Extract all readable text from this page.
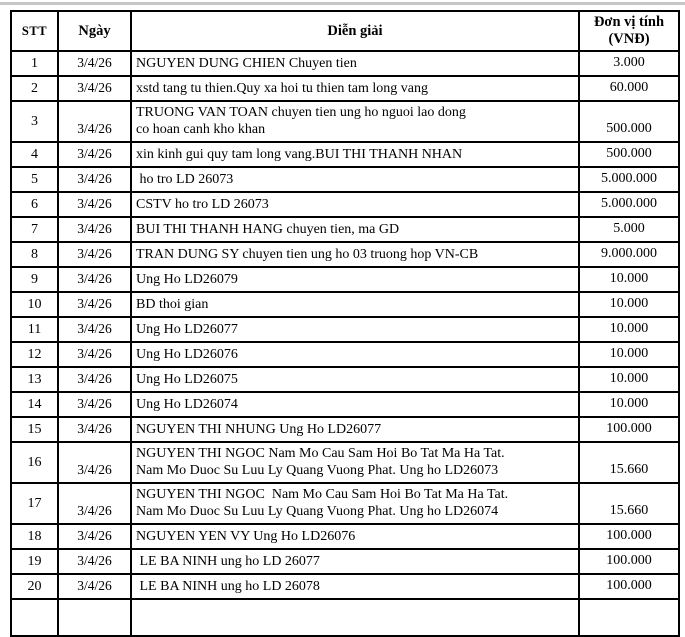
STT	Ngày	Diễn giải	Đơn vị tính
(VNĐ)

1	3/4/26	NGUYEN DUNG CHIEN Chuyen tien	3.000
2	3/4/26	xstd tang tu thien.Quy xa hoi tu thien tam long vang	60.000
3	3/4/26	TRUONG VAN TOAN chuyen tien ung ho nguoi lao dong
co hoan canh kho khan	500.000
4	3/4/26	xin kinh gui quy tam long vang.BUI THI THANH NHAN	500.000
5	3/4/26	ho tro LD 26073	5.000.000
6	3/4/26	CSTV ho tro LD 26073	5.000.000
7	3/4/26	BUI THI THANH HANG chuyen tien, ma GD	5.000
8	3/4/26	TRAN DUNG SY chuyen tien ung ho 03 truong hop VN-CB	9.000.000
9	3/4/26	Ung Ho LD26079	10.000
10	3/4/26	BD thoi gian	10.000
11	3/4/26	Ung Ho LD26077	10.000
12	3/4/26	Ung Ho LD26076	10.000
13	3/4/26	Ung Ho LD26075	10.000
14	3/4/26	Ung Ho LD26074	10.000
15	3/4/26	NGUYEN THI NHUNG Ung Ho LD26077	100.000
16	3/4/26	NGUYEN THI NGOC Nam Mo Cau Sam Hoi Bo Tat Ma Ha Tat.
Nam Mo Duoc Su Luu Ly Quang Vuong Phat. Ung ho LD26073	15.660
17	3/4/26	NGUYEN THI NGOC  Nam Mo Cau Sam Hoi Bo Tat Ma Ha Tat.
Nam Mo Duoc Su Luu Ly Quang Vuong Phat. Ung ho LD26074	15.660
18	3/4/26	NGUYEN YEN VY Ung Ho LD26076	100.000
19	3/4/26	LE BA NINH ung ho LD 26077	100.000
20	3/4/26	LE BA NINH ung ho LD 26078	100.000
